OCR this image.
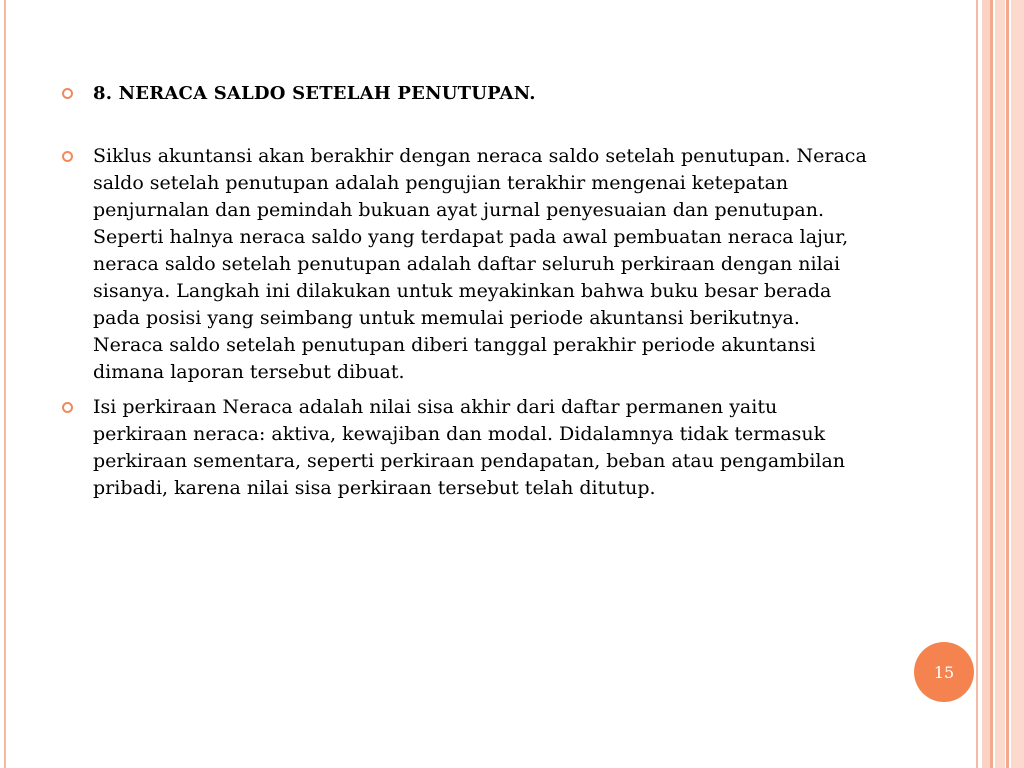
8. NERACA SALDO SETELAH PENUTUPAN.
Siklus akuntansi akan berakhir dengan neraca saldo setelah penutupan. Neraca saldo setelah penutupan adalah pengujian terakhir mengenai ketepatan penjurnalan dan pemindah bukuan ayat jurnal penyesuaian dan penutupan. Seperti halnya neraca saldo yang terdapat pada awal pembuatan neraca lajur, neraca saldo setelah penutupan adalah daftar seluruh perkiraan dengan nilai sisanya. Langkah ini dilakukan untuk meyakinkan bahwa buku besar berada pada posisi yang seimbang untuk memulai periode akuntansi berikutnya. Neraca saldo setelah penutupan diberi tanggal perakhir periode akuntansi dimana laporan tersebut dibuat.
Isi perkiraan Neraca adalah nilai sisa akhir dari daftar permanen yaitu perkiraan neraca: aktiva, kewajiban dan modal. Didalamnya tidak termasuk perkiraan sementara, seperti perkiraan pendapatan, beban atau pengambilan pribadi, karena nilai sisa perkiraan tersebut telah ditutup.
15
